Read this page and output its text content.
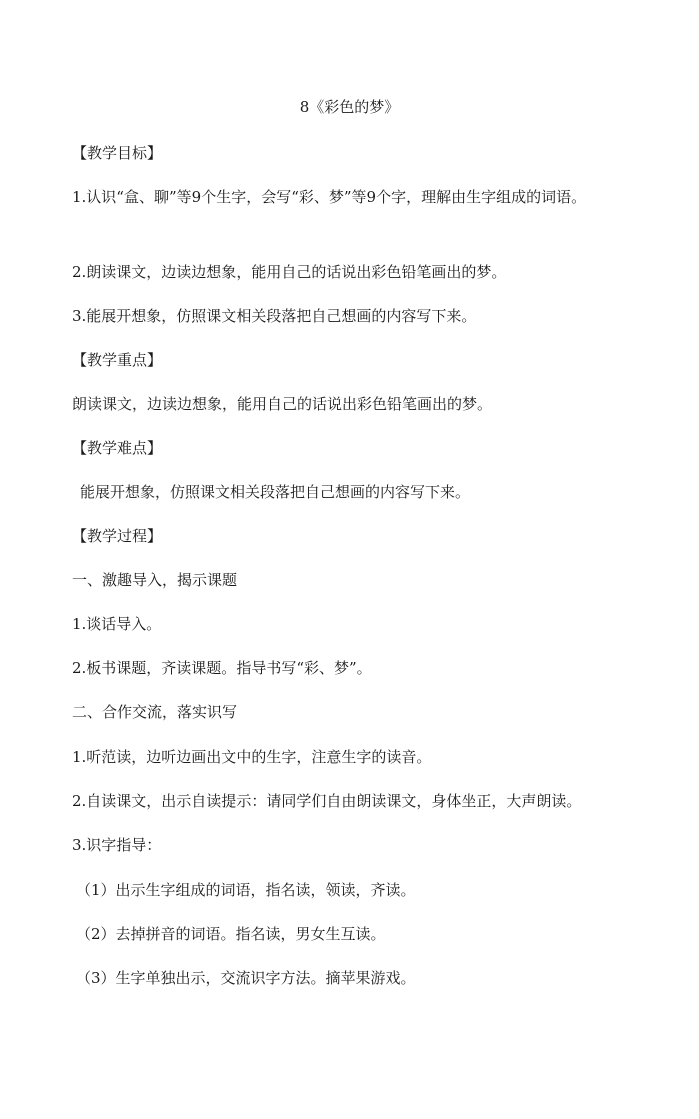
8《彩色的梦》
【教学目标】
1.认识“盒、聊”等9个生字，会写“彩、梦”等9个字，理解由生字组成的词语。
2.朗读课文，边读边想象，能用自己的话说出彩色铅笔画出的梦。
3.能展开想象，仿照课文相关段落把自己想画的内容写下来。
【教学重点】
朗读课文，边读边想象，能用自己的话说出彩色铅笔画出的梦。
【教学难点】
能展开想象，仿照课文相关段落把自己想画的内容写下来。
【教学过程】
一、激趣导入，揭示课题
1.谈话导入。
2.板书课题，齐读课题。指导书写“彩、梦”。
二、合作交流，落实识写
1.听范读，边听边画出文中的生字，注意生字的读音。
2.自读课文，出示自读提示：请同学们自由朗读课文，身体坐正，大声朗读。
3.识字指导：
（1）出示生字组成的词语，指名读，领读，齐读。
（2）去掉拼音的词语。指名读，男女生互读。
（3）生字单独出示，交流识字方法。摘苹果游戏。
